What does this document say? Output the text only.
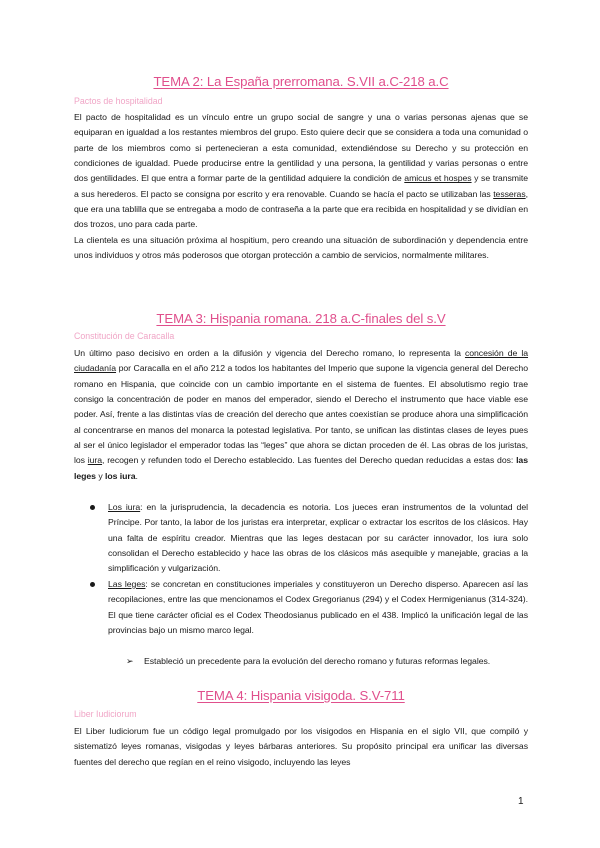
TEMA 2: La España prerromana. S.VII a.C-218 a.C
Pactos de hospitalidad

El pacto de hospitalidad es un vínculo entre un grupo social de sangre y una o varias personas ajenas que se equiparan en igualdad a los restantes miembros del grupo. Esto quiere decir que se considera a toda una comunidad o parte de los miembros como si pertenecieran a esta comunidad, extendiéndose su Derecho y su protección en condiciones de igualdad. Puede producirse entre la gentilidad y una persona, la gentilidad y varias personas o entre dos gentilidades. El que entra a formar parte de la gentilidad adquiere la condición de amicus et hospes y se transmite a sus herederos. El pacto se consigna por escrito y era renovable. Cuando se hacía el pacto se utilizaban las tesseras, que era una tablilla que se entregaba a modo de contraseña a la parte que era recibida en hospitalidad y se dividían en dos trozos, uno para cada parte.

La clientela es una situación próxima al hospitium, pero creando una situación de subordinación y dependencia entre unos individuos y otros más poderosos que otorgan protección a cambio de servicios, normalmente militares.

TEMA 3: Hispania romana. 218 a.C-finales del s.V
Constitución de Caracalla

Un último paso decisivo en orden a la difusión y vigencia del Derecho romano, lo representa la concesión de la ciudadanía por Caracalla en el año 212 a todos los habitantes del Imperio que supone la vigencia general del Derecho romano en Hispania, que coincide con un cambio importante en el sistema de fuentes. El absolutismo regio trae consigo la concentración de poder en manos del emperador, siendo el Derecho el instrumento que hace viable ese poder. Así, frente a las distintas vías de creación del derecho que antes coexistían se produce ahora una simplificación al concentrarse en manos del monarca la potestad legislativa. Por tanto, se unifican las distintas clases de leyes pues al ser el único legislador el emperador todas las “leges” que ahora se dictan proceden de él. Las obras de los juristas, los iura, recogen y refunden todo el Derecho establecido. Las fuentes del Derecho quedan reducidas a estas dos: las leges y los iura.

Los iura: en la jurisprudencia, la decadencia es notoria. Los jueces eran instrumentos de la voluntad del Príncipe. Por tanto, la labor de los juristas era interpretar, explicar o extractar los escritos de los clásicos. Hay una falta de espíritu creador. Mientras que las leges destacan por su carácter innovador, los iura solo consolidan el Derecho establecido y hace las obras de los clásicos más asequible y manejable, gracias a la simplificación y vulgarización.

Las leges: se concretan en constituciones imperiales y constituyeron un Derecho disperso. Aparecen así las recopilaciones, entre las que mencionamos el Codex Gregorianus (294) y el Codex Hermigenianus (314-324). El que tiene carácter oficial es el Codex Theodosianus publicado en el 438. Implicó la unificación legal de las provincias bajo un mismo marco legal.

➢ Estableció un precedente para la evolución del derecho romano y futuras reformas legales.

TEMA 4: Hispania visigoda. S.V-711
Liber Iudiciorum

El Liber Iudiciorum fue un código legal promulgado por los visigodos en Hispania en el siglo VII, que compiló y sistematizó leyes romanas, visigodas y leyes bárbaras anteriores. Su propósito principal era unificar las diversas fuentes del derecho que regían en el reino visigodo, incluyendo las leyes

1
